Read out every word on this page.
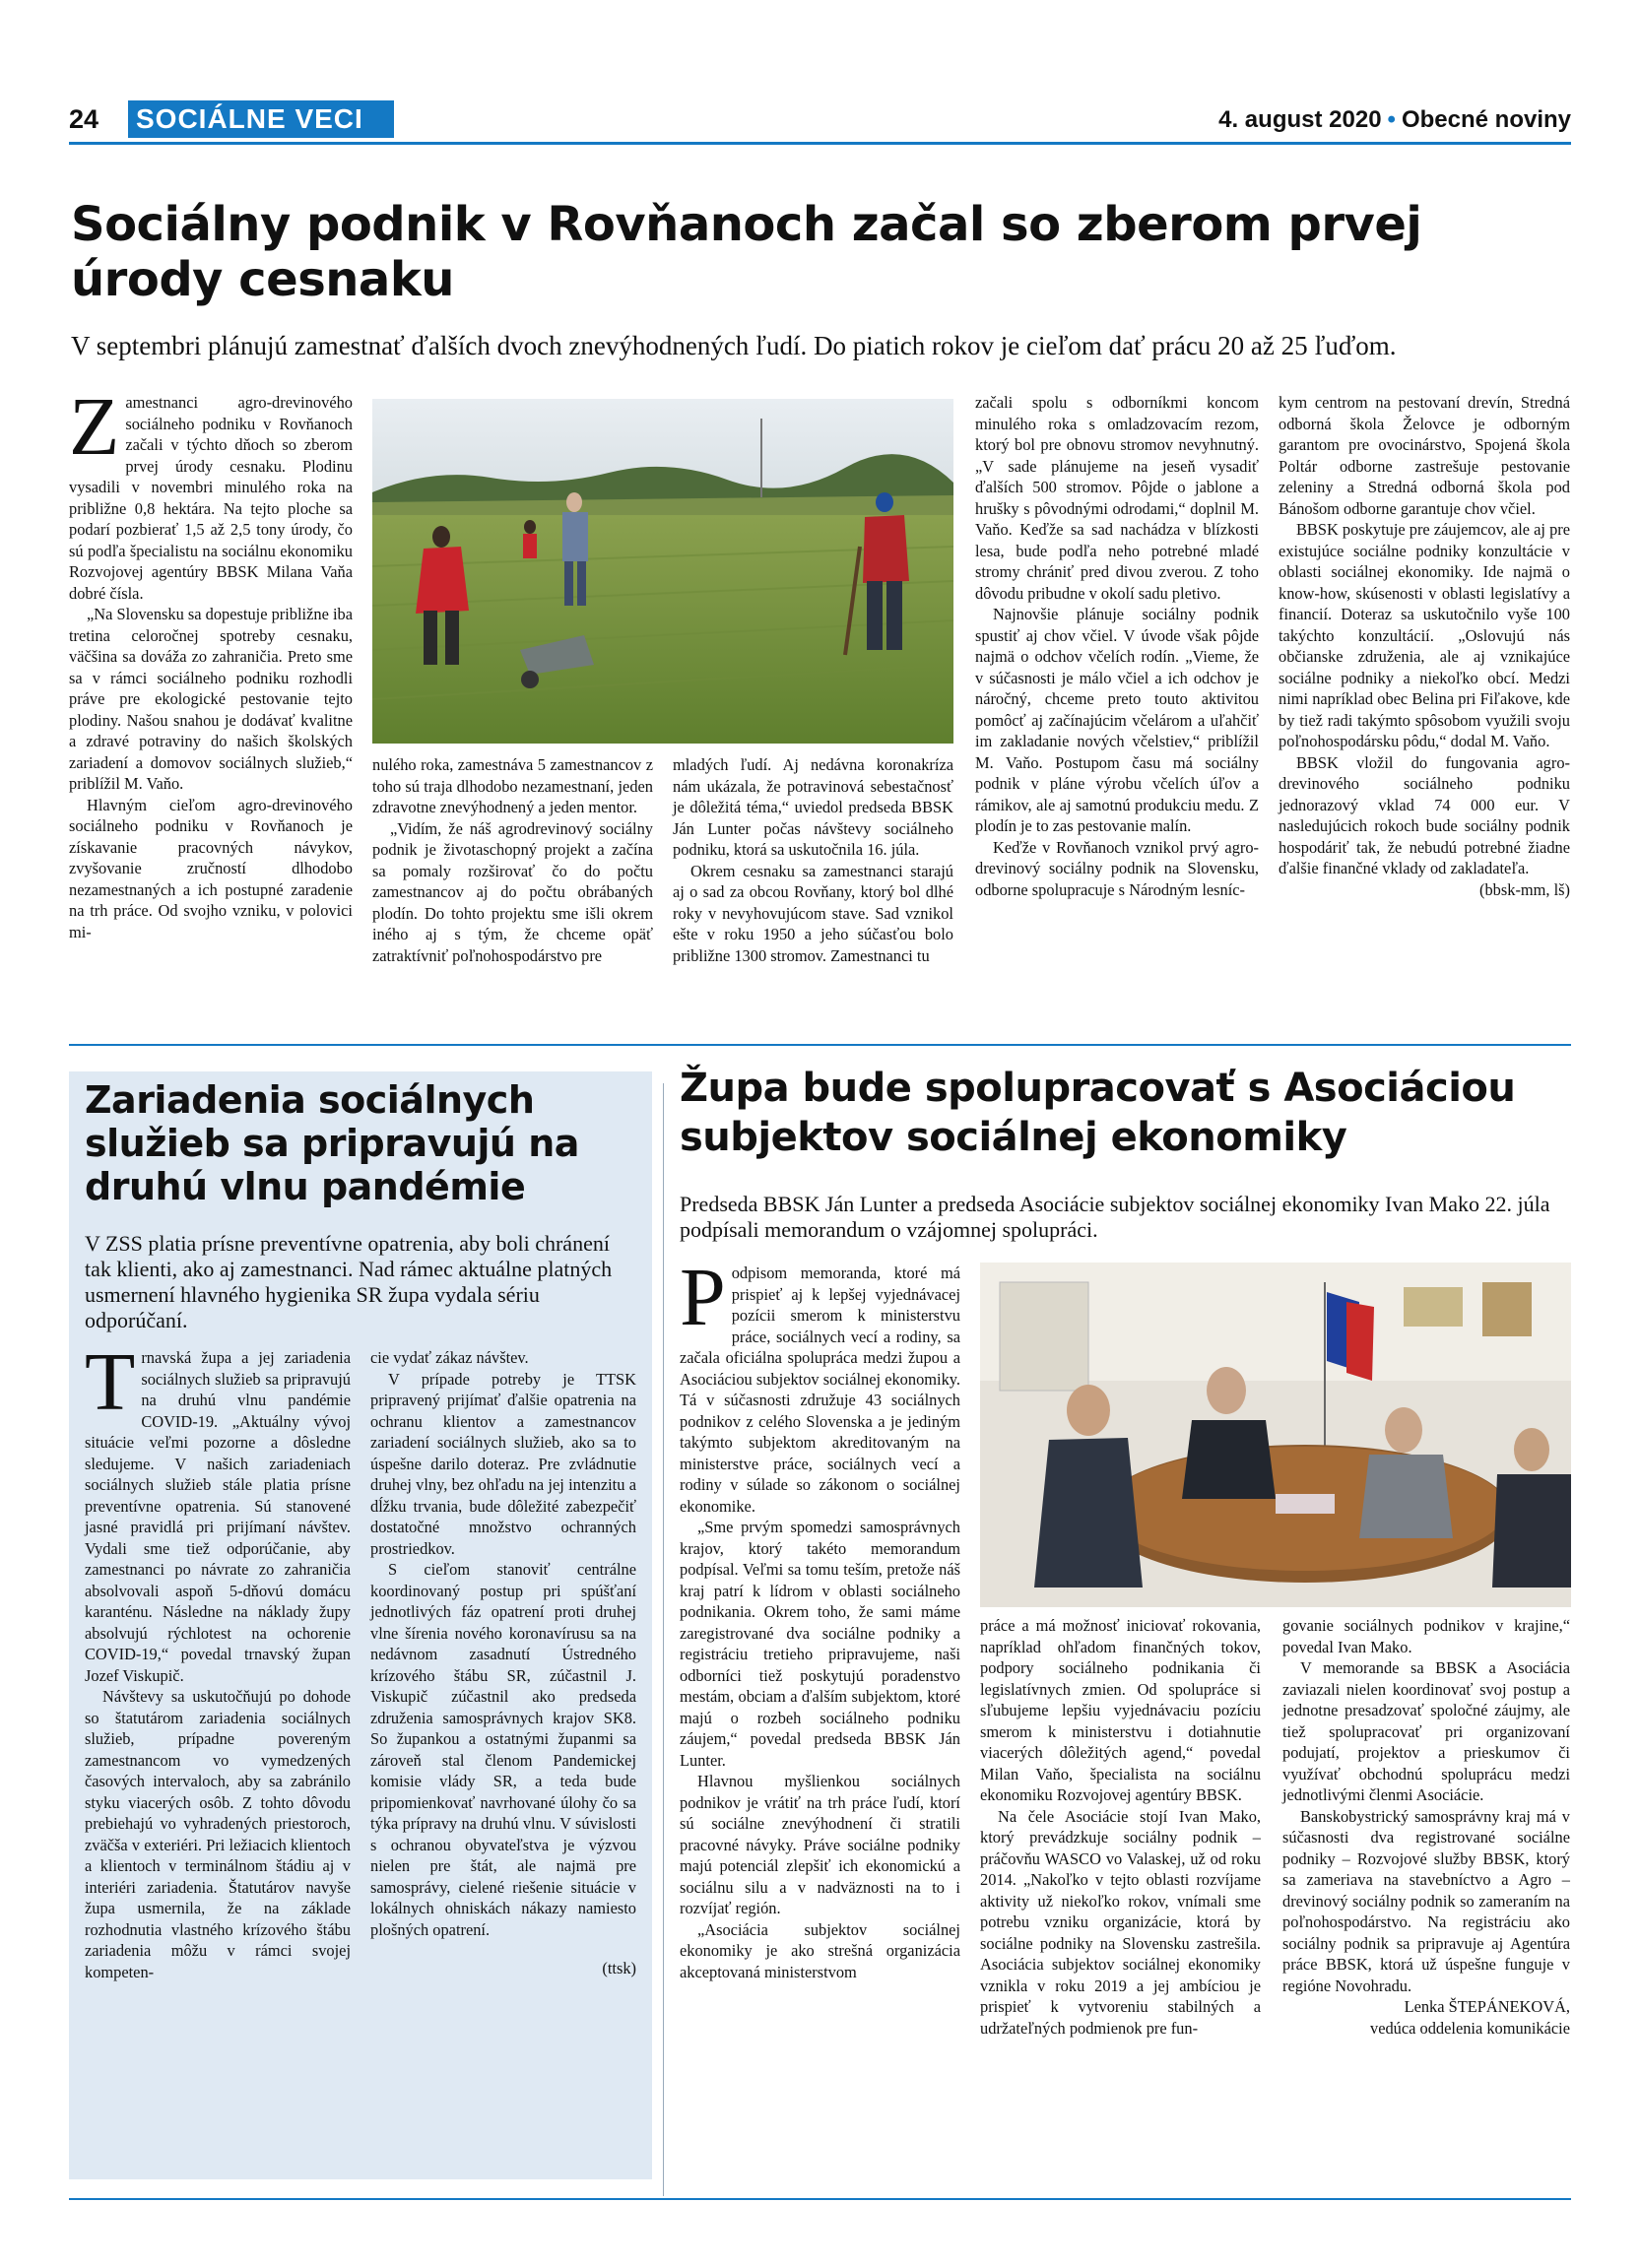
24 SOCIÁLNE VECI	4. august 2020 • Obecné noviny
Sociálny podnik v Rovňanoch začal so zberom prvej úrody cesnaku
V septembri plánujú zamestnať ďalších dvoch znevýhodnených ľudí. Do piatich rokov je cieľom dať prácu 20 až 25 ľuďom.
Z amestnanci agro-drevinového sociálneho podniku v Rovňanoch začali v týchto dňoch so zberom prvej úrody cesnaku. Plodinu vysadili v novembri minulého roka na približne 0,8 hektára. Na tejto ploche sa podarí pozbierať 1,5 až 2,5 tony úrody, čo sú podľa špecialistu na sociálnu ekonomiku Rozvojovej agentúry BBSK Milana Vaňa dobré čísla.

„Na Slovensku sa dopestuje približne iba tretina celoročnej spotreby cesnaku, väčšina sa dováža zo zahraničia. Preto sme sa v rámci sociálneho podniku rozhodli práve pre ekologické pestovanie tejto plodiny. Našou snahou je dodávať kvalitne a zdravé potraviny do našich školských zariadení a domovov sociálnych služieb,“ priblížil M. Vaňo.

Hlavným cieľom agro-drevinového sociálneho podniku v Rovňanoch je získavanie pracovných návykov, zvyšovanie zručností dlhodobo nezamestnaných a ich postupné zaradenie na trh práce. Od svojho vzniku, v polovici mi-

nulého roka, zamestnáva 5 zamestnancov z toho sú traja dlhodobo nezamestnaní, jeden zdravotne znevýhodnený a jeden mentor.

„Vidím, že náš agrodrevinový sociálny podnik je životaschopný projekt a začína sa pomaly rozširovať čo do počtu zamestnancov aj do počtu obrábaných plodín. Do tohto projektu sme išli okrem iného aj s tým, že chceme opäť zatraktívniť poľnohospodárstvo pre

mladých ľudí. Aj nedávna koronakríza nám ukázala, že potravinová sebestačnosť je dôležitá téma,“ uviedol predseda BBSK Ján Lunter počas návštevy sociálneho podniku, ktorá sa uskutočnila 16. júla.

Okrem cesnaku sa zamestnanci starajú aj o sad za obcou Rovňany, ktorý bol dlhé roky v nevyhovujúcom stave. Sad vznikol ešte v roku 1950 a jeho súčasťou bolo približne 1300 stromov. Zamestnanci tu

začali spolu s odborníkmi koncom minulého roka s omladzovacím rezom, ktorý bol pre obnovu stromov nevyhnutný. „V sade plánujeme na jeseň vysadiť ďalších 500 stromov. Pôjde o jablone a hrušky s pôvodnými odrodami,“ doplnil M. Vaňo. Keďže sa sad nachádza v blízkosti lesa, bude podľa neho potrebné mladé stromy chrániť pred divou zverou. Z toho dôvodu pribudne v okolí sadu pletivo.

Najnovšie plánuje sociálny podnik spustiť aj chov včiel. V úvode však pôjde najmä o odchov včelích rodín. „Vieme, že v súčasnosti je málo včiel a ich odchov je náročný, chceme preto touto aktivitou pomôcť aj začínajúcim včelárom a uľahčiť im zakladanie nových včelstiev,“ priblížil M. Vaňo. Postupom času má sociálny podnik v pláne výrobu včelích úľov a rámikov, ale aj samotnú produkciu medu. Z plodín je to zas pestovanie malín.

Keďže v Rovňanoch vznikol prvý agro-drevinový sociálny podnik na Slovensku, odborne spolupracuje s Národným lesníc-

kym centrom na pestovaní drevín, Stredná odborná škola Želovce je odborným garantom pre ovocinárstvo, Spojená škola Poltár odborne zastrešuje pestovanie zeleniny a Stredná odborná škola pod Bánošom odborne garantuje chov včiel.

BBSK poskytuje pre záujemcov, ale aj pre existujúce sociálne podniky konzultácie v oblasti sociálnej ekonomiky. Ide najmä o know-how, skúsenosti v oblasti legislatívy a financií. Doteraz sa uskutočnilo vyše 100 takýchto konzultácií. „Oslovujú nás občianske združenia, ale aj vznikajúce sociálne podniky a niekoľko obcí. Medzi nimi napríklad obec Belina pri Fiľakove, kde by tiež radi takýmto spôsobom využili svoju poľnohospodársku pôdu,“ dodal M. Vaňo.

BBSK vložil do fungovania agro-drevinového sociálneho podniku jednorazový vklad 74 000 eur. V nasledujúcich rokoch bude sociálny podnik hospodáriť tak, že nebudú potrebné žiadne ďalšie finančné vklady od zakladateľa.

(bbsk-mm, lš)

Zariadenia sociálnych služieb sa pripravujú na druhú vlnu pandémie
V ZSS platia prísne preventívne opatrenia, aby boli chránení tak klienti, ako aj zamestnanci. Nad rámec aktuálne platných usmernení hlavného hygienika SR župa vydala sériu odporúčaní.
T rnavská župa a jej zariadenia sociálnych služieb sa pripravujú na druhú vlnu pandémie COVID-19. „Aktuálny vývoj situácie veľmi pozorne a dôsledne sledujeme. V našich zariadeniach sociálnych služieb stále platia prísne preventívne opatrenia. Sú stanovené jasné pravidlá pri prijímaní návštev. Vydali sme tiež odporúčanie, aby zamestnanci po návrate zo zahraničia absolvovali aspoň 5-dňovú domácu karanténu. Následne na náklady župy absolvujú rýchlotest na ochorenie COVID-19,“ povedal trnavský župan Jozef Viskupič.

Návštevy sa uskutočňujú po dohode so štatutárom zariadenia sociálnych služieb, prípadne povereným zamestnancom vo vymedzených časových intervaloch, aby sa zabránilo styku viacerých osôb. Z tohto dôvodu prebiehajú vo vyhradených priestoroch, zväčša v exteriéri. Pri ležiacich klientoch a klientoch v terminálnom štádiu aj v interiéri zariadenia. Štatutárov navyše župa usmernila, že na základe rozhodnutia vlastného krízového štábu zariadenia môžu v rámci svojej kompeten-

cie vydať zákaz návštev.

V prípade potreby je TTSK pripravený prijímať ďalšie opatrenia na ochranu klientov a zamestnancov zariadení sociálnych služieb, ako sa to úspešne darilo doteraz. Pre zvládnutie druhej vlny, bez ohľadu na jej intenzitu a dĺžku trvania, bude dôležité zabezpečiť dostatočné množstvo ochranných prostriedkov.

S cieľom stanoviť centrálne koordinovaný postup pri spúšťaní jednotlivých fáz opatrení proti druhej vlne šírenia nového koronavírusu sa na nedávnom zasadnutí Ústredného krízového štábu SR, zúčastnil J. Viskupič zúčastnil ako predseda združenia samosprávnych krajov SK8. So župankou a ostatnými županmi sa zároveň stal členom Pandemickej komisie vlády SR, a teda bude pripomienkovať navrhované úlohy čo sa týka prípravy na druhú vlnu. V súvislosti s ochranou obyvateľstva je výzvou nielen pre štát, ale najmä pre samosprávy, cielené riešenie situácie v lokálnych ohniskách nákazy namiesto plošných opatrení.

(ttsk)

Župa bude spolupracovať s Asociáciou subjektov sociálnej ekonomiky
Predseda BBSK Ján Lunter a predseda Asociácie subjektov sociálnej ekonomiky Ivan Mako 22. júla podpísali memorandum o vzájomnej spolupráci.
P odpisom memoranda, ktoré má prispieť aj k lepšej vyjednávacej pozícii smerom k ministerstvu práce, sociálnych vecí a rodiny, sa začala oficiálna spolupráca medzi župou a Asociáciou subjektov sociálnej ekonomiky. Tá v súčasnosti združuje 43 sociálnych podnikov z celého Slovenska a je jediným takýmto subjektom akreditovaným na ministerstve práce, sociálnych vecí a rodiny v súlade so zákonom o sociálnej ekonomike.

„Sme prvým spomedzi samosprávnych krajov, ktorý takéto memorandum podpísal. Veľmi sa tomu teším, pretože náš kraj patrí k lídrom v oblasti sociálneho podnikania. Okrem toho, že sami máme zaregistrované dva sociálne podniky a registráciu tretieho pripravujeme, naši odborníci tiež poskytujú poradenstvo mestám, obciam a ďalším subjektom, ktoré majú o rozbeh sociálneho podniku záujem,“ povedal predseda BBSK Ján Lunter.

Hlavnou myšlienkou sociálnych podnikov je vrátiť na trh práce ľudí, ktorí sú sociálne znevýhodnení či stratili pracovné návyky. Práve sociálne podniky majú potenciál zlepšiť ich ekonomickú a sociálnu silu a v nadväznosti na to i rozvíjať región.

„Asociácia subjektov sociálnej ekonomiky je ako strešná organizácia akceptovaná ministerstvom

práce a má možnosť iniciovať rokovania, napríklad ohľadom finančných tokov, podpory sociálneho podnikania či legislatívnych zmien. Od spolupráce si sľubujeme lepšiu vyjednávaciu pozíciu smerom k ministerstvu i dotiahnutie viacerých dôležitých agend,“ povedal Milan Vaňo, špecialista na sociálnu ekonomiku Rozvojovej agentúry BBSK.

Na čele Asociácie stojí Ivan Mako, ktorý prevádzkuje sociálny podnik – práčovňu WASCO vo Valaskej, už od roku 2014. „Nakoľko v tejto oblasti rozvíjame aktivity už niekoľko rokov, vnímali sme potrebu vzniku organizácie, ktorá by sociálne podniky na Slovensku zastrešila. Asociácia subjektov sociálnej ekonomiky vznikla v roku 2019 a jej ambíciou je prispieť k vytvoreniu stabilných a udržateľných podmienok pre fun-

govanie sociálnych podnikov v krajine,“ povedal Ivan Mako.

V memorande sa BBSK a Asociácia zaviazali nielen koordinovať svoj postup a jednotne presadzovať spoločné záujmy, ale tiež spolupracovať pri organizovaní podujatí, projektov a prieskumov či využívať obchodnú spoluprácu medzi jednotlivými členmi Asociácie.

Banskobystrický samosprávny kraj má v súčasnosti dva registrované sociálne podniky – Rozvojové služby BBSK, ktorý sa zameriava na stavebníctvo a Agro – drevinový sociálny podnik so zameraním na poľnohospodárstvo. Na registráciu ako sociálny podnik sa pripravuje aj Agentúra práce BBSK, ktorá už úspešne funguje v regióne Novohradu.

Lenka ŠTEPÁNEKOVÁ,

vedúca oddelenia komunikácie
